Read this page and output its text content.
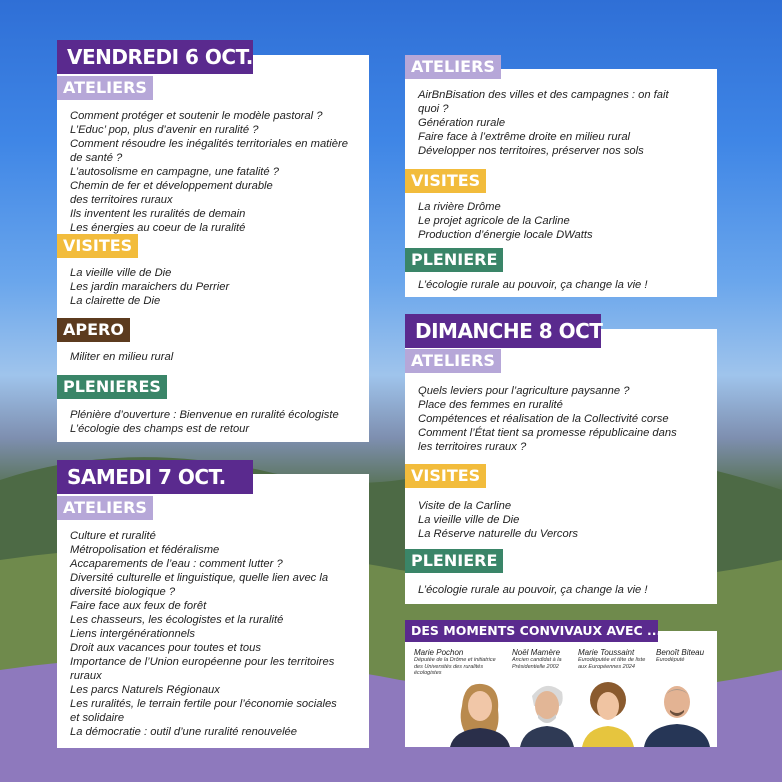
VENDREDI 6 OCT.
ATELIERS
Comment protéger et soutenir le modèle pastoral ?
L’Educ’ pop, plus d’avenir en ruralité ?
Comment résoudre les inégalités territoriales en matière
de santé ?
L’autosolisme en campagne, une fatalité ?
Chemin de fer et développement durable
des territoires ruraux
Ils inventent les ruralités de demain
Les énergies au coeur de la ruralité
VISITES
La vieille ville de Die
Les jardin maraichers du Perrier
La clairette de Die
APERO
Militer en milieu rural
PLENIERES
Plénière d’ouverture : Bienvenue en ruralité écologiste
L’écologie des champs est de retour
SAMEDI 7 OCT.
ATELIERS
Culture et ruralité
Métropolisation et fédéralisme
Accaparements de l’eau : comment lutter ?
Diversité culturelle et linguistique, quelle lien avec la
diversité biologique ?
Faire face aux feux de forêt
Les chasseurs, les écologistes et la ruralité
Liens intergénérationnels
Droit aux vacances pour toutes et tous
Importance de l’Union européenne pour les territoires
ruraux
Les parcs Naturels Régionaux
Les ruralités, le terrain fertile pour l’économie sociales
et solidaire
La démocratie : outil d’une ruralité renouvelée
ATELIERS
AirBnBisation des villes et des campagnes : on fait
quoi ?
Génération rurale
Faire face à l’extrême droite en milieu rural
Développer nos territoires, préserver nos sols
VISITES
La rivière Drôme
Le projet agricole de la Carline
Production d’énergie locale DWatts
PLENIERE
L’écologie rurale au pouvoir, ça change la vie !
DIMANCHE 8 OCT.
ATELIERS
Quels leviers pour l’agriculture paysanne ?
Place des femmes en ruralité
Compétences et réalisation de la Collectivité corse
Comment l’État tient sa promesse républicaine dans
les territoires ruraux ?
VISITES
Visite de la Carline
La vieille ville de Die
La Réserve naturelle du Vercors
PLENIERE
L’écologie rurale au pouvoir, ça change la vie !
DES MOMENTS CONVIVAUX AVEC ...
Marie Pochon
Députée de la Drôme et initiatrice des Universités des ruralités écologistes
Noël Mamère
Ancien candidat à la Présidentielle 2002
Marie Toussaint
Eurodéputée et tête de liste aux Européennes 2024
Benoît Biteau
Eurodéputé
